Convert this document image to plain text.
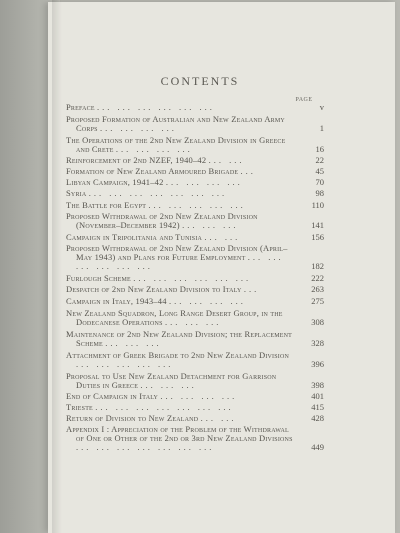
CONTENTS
PAGE
Preface ... ... ... ... ... ...	v
Proposed Formation of Australian and New Zealand Army Corps ... ... ... ...	1
The Operations of the 2nd New Zealand Division in Greece and Crete ... ... ... ...	16
Reinforcement of 2nd NZEF, 1940–42 ... ...	22
Formation of New Zealand Armoured Brigade ...	45
Libyan Campaign, 1941–42 ... ... ... ...	70
Syria ... ... ... ... ... ... ...	98
The Battle for Egypt ... ... ... ... ...	110
Proposed Withdrawal of 2nd New Zealand Division (November–December 1942) ... ... ...	141
Campaign in Tripolitania and Tunisia ... ...	156
Proposed Withdrawal of 2nd New Zealand Division (April–May 1943) and Plans for Future Employment ... ... ... ... ... ...	182
Furlough Scheme ... ... ... ... ... ...	222
Despatch of 2nd New Zealand Division to Italy ...	263
Campaign in Italy, 1943–44 ... ... ... ...	275
New Zealand Squadron, Long Range Desert Group, in the Dodecanese Operations ... ... ...	308
Maintenance of 2nd New Zealand Division; the Replacement Scheme ... ... ...	328
Attachment of Greek Brigade to 2nd New Zealand Division ... ... ... ... ...	396
Proposal to Use New Zealand Detachment for Garrison Duties in Greece ... ... ...	398
End of Campaign in Italy ... ... ... ...	401
Trieste ... ... ... ... ... ... ...	415
Return of Division to New Zealand ... ...	428
Appendix I : Appreciation of the Problem of the Withdrawal of One or Other of the 2nd or 3rd New Zealand Divisions ... ... ... ... ... ... ...	449
